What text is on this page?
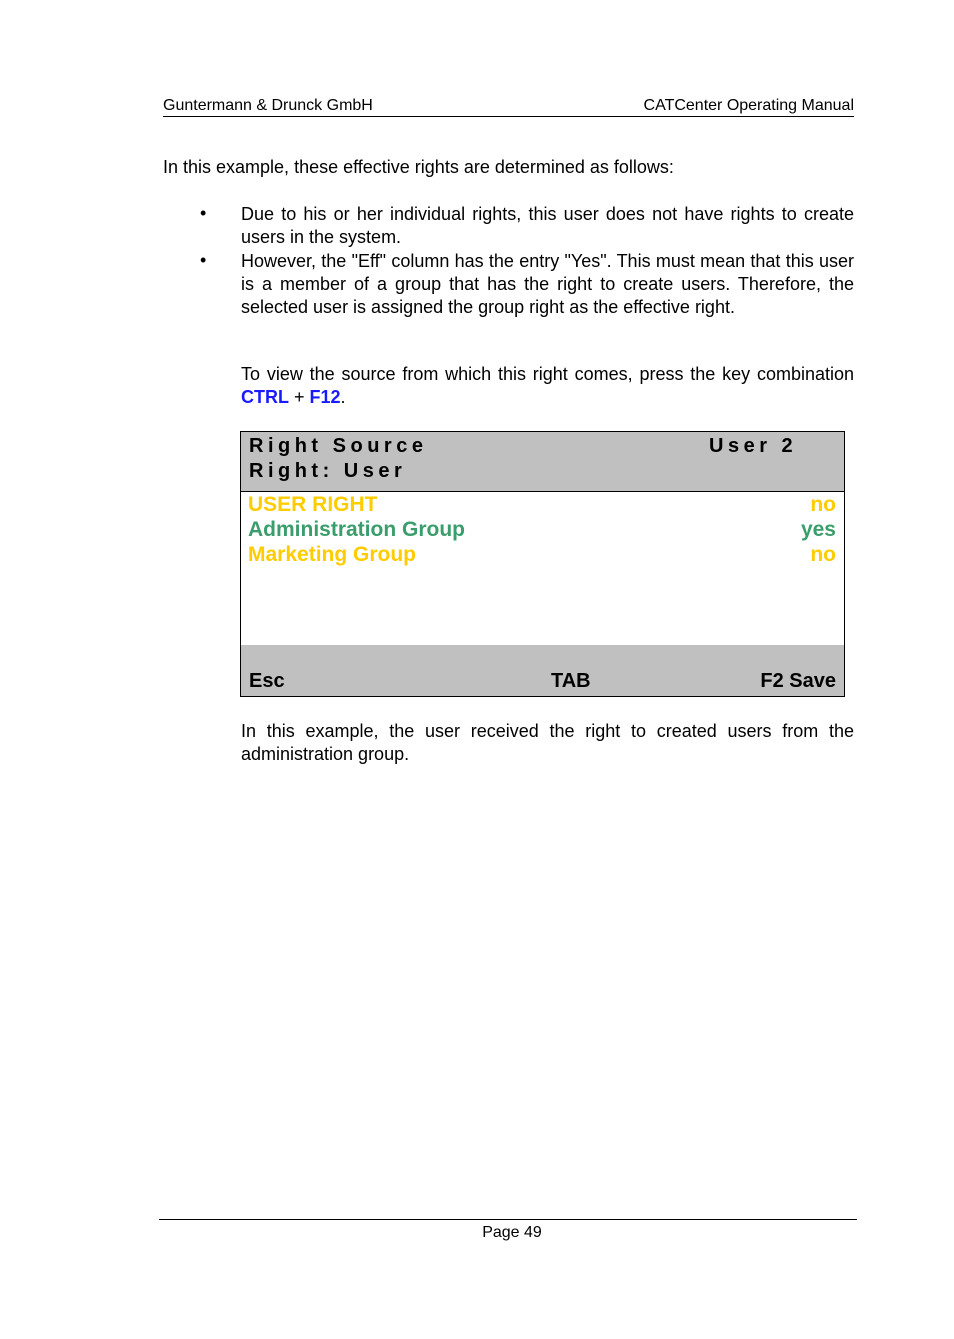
Guntermann & Drunck GmbH	CATCenter Operating Manual
In this example, these effective rights are determined as follows:
• Due to his or her individual rights, this user does not have rights to create users in the system.
• However, the "Eff" column has the entry "Yes". This must mean that this user is a member of a group that has the right to create users. Therefore, the selected user is assigned the group right as the effective right.
To view the source from which this right comes, press the key combination CTRL + F12.
Right Source	User 2
Right: User
USER RIGHT	no
Administration Group	yes
Marketing Group	no
Esc	TAB	F2 Save
In this example, the user received the right to created users from the administration group.
Page 49
